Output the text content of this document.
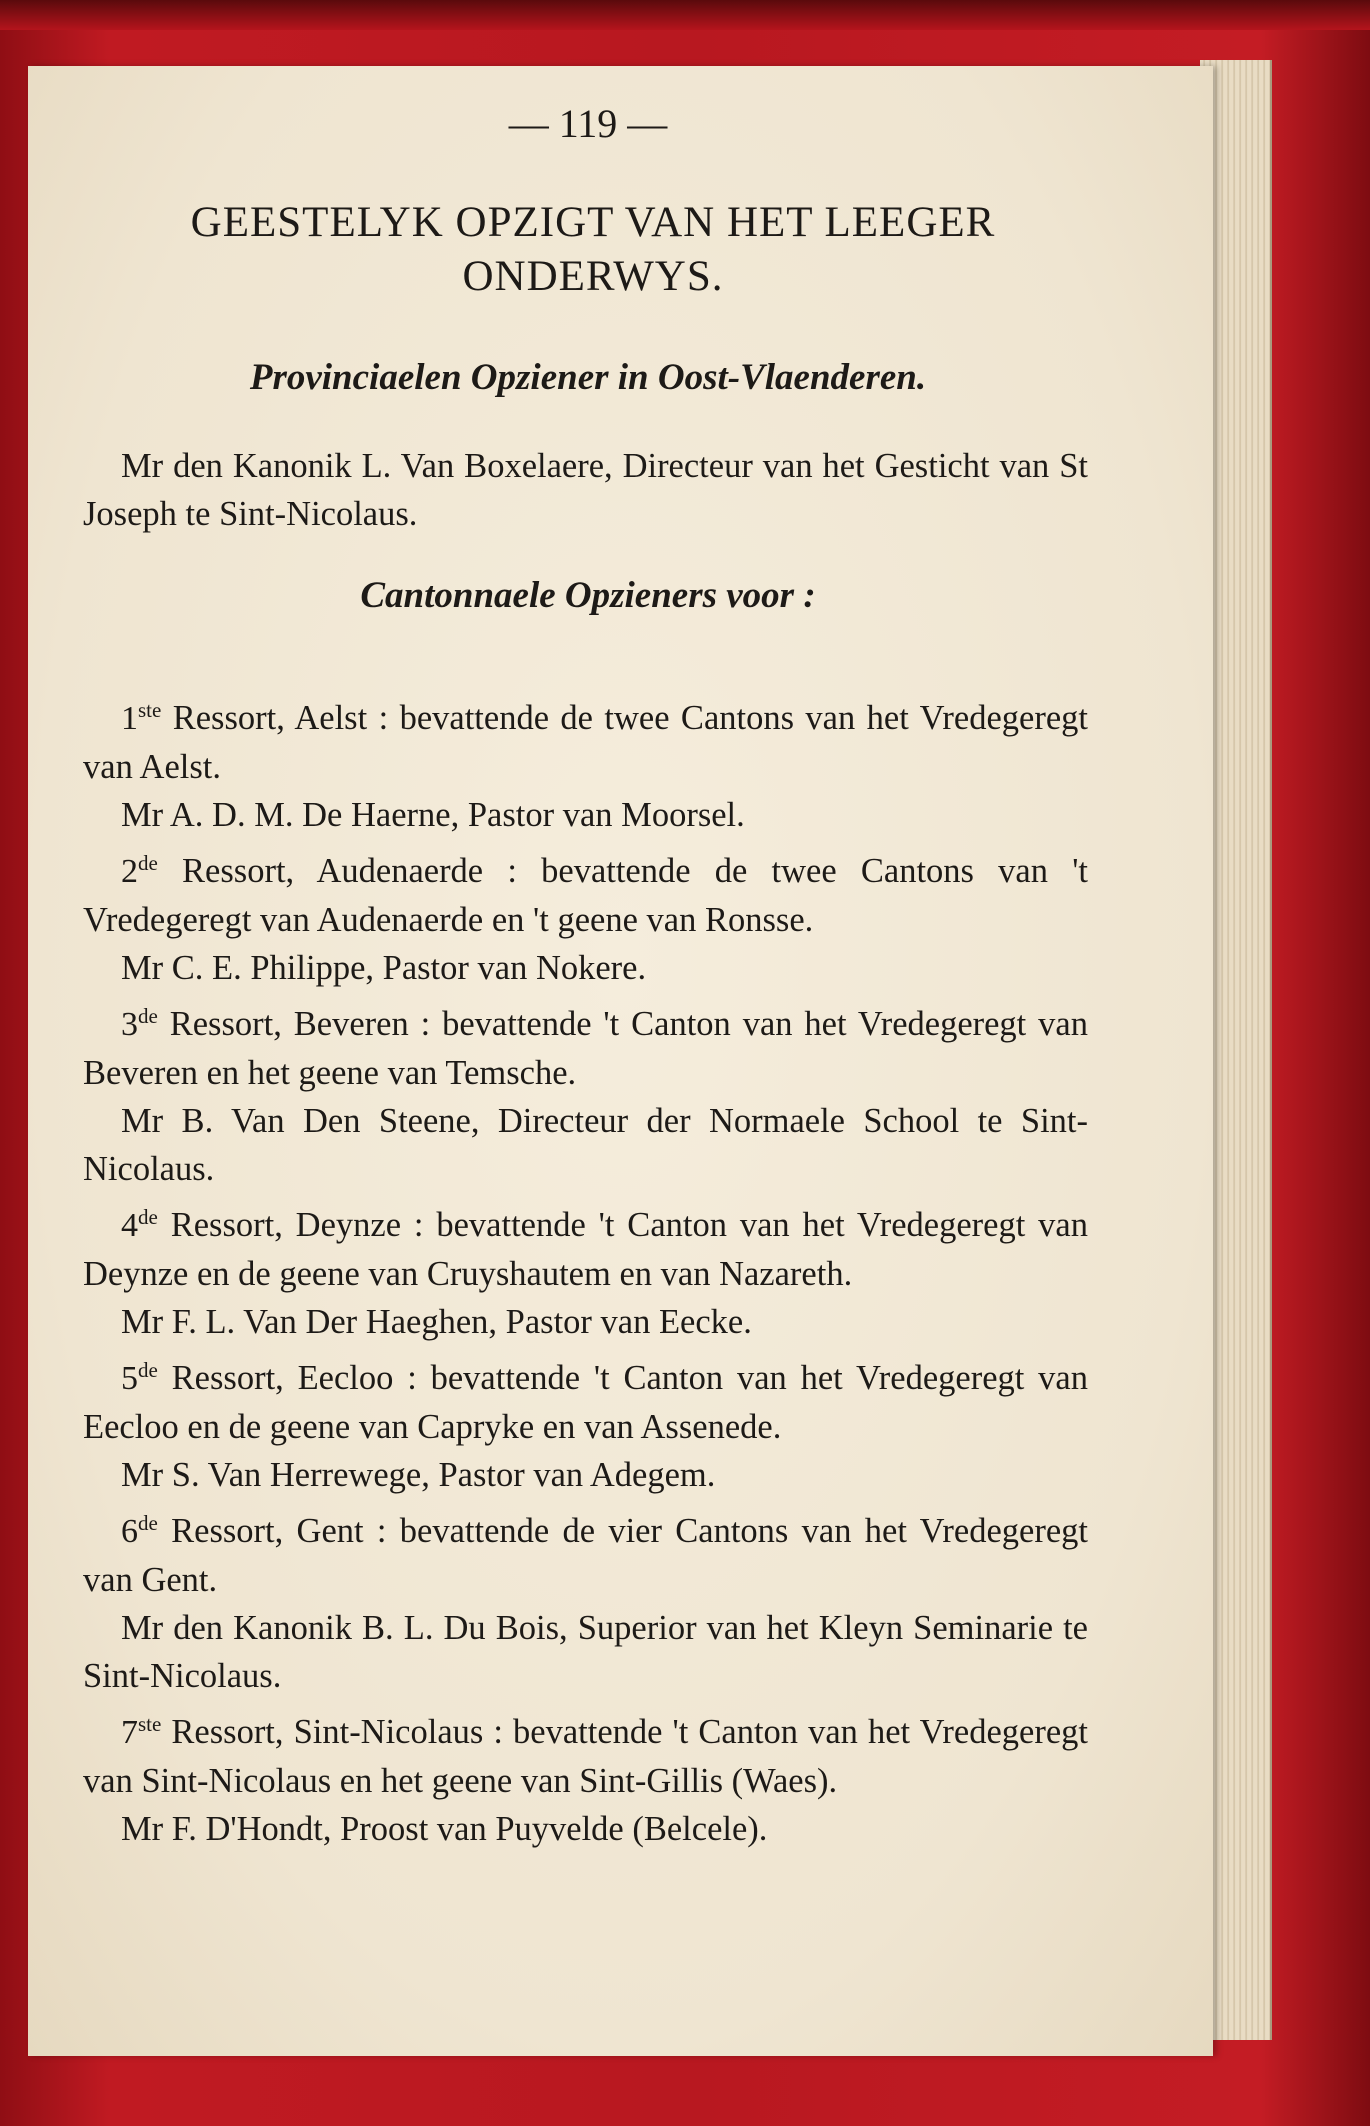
— 119 —
GEESTELYK OPZIGT VAN HET LEEGER
ONDERWYS.
Provinciaelen Opziener in Oost-Vlaenderen.

Mr den Kanonik L. Van Boxelaere, Directeur van het Gesticht van St Joseph te Sint-Nicolaus.

Cantonnaele Opzieners voor :

1ste Ressort, Aelst : bevattende de twee Cantons van het Vredegeregt van Aelst.

Mr A. D. M. De Haerne, Pastor van Moorsel.

2de Ressort, Audenaerde : bevattende de twee Cantons van 't Vredegeregt van Audenaerde en 't geene van Ronsse.

Mr C. E. Philippe, Pastor van Nokere.

3de Ressort, Beveren : bevattende 't Canton van het Vredegeregt van Beveren en het geene van Temsche.

Mr B. Van Den Steene, Directeur der Normaele School te Sint-Nicolaus.

4de Ressort, Deynze : bevattende 't Canton van het Vredegeregt van Deynze en de geene van Cruyshautem en van Nazareth.

Mr F. L. Van Der Haeghen, Pastor van Eecke.

5de Ressort, Eecloo : bevattende 't Canton van het Vredegeregt van Eecloo en de geene van Capryke en van Assenede.

Mr S. Van Herrewege, Pastor van Adegem.

6de Ressort, Gent : bevattende de vier Cantons van het Vredegeregt van Gent.

Mr den Kanonik B. L. Du Bois, Superior van het Kleyn Seminarie te Sint-Nicolaus.

7ste Ressort, Sint-Nicolaus : bevattende 't Canton van het Vredegeregt van Sint-Nicolaus en het geene van Sint-Gillis (Waes).

Mr F. D'Hondt, Proost van Puyvelde (Belcele).
